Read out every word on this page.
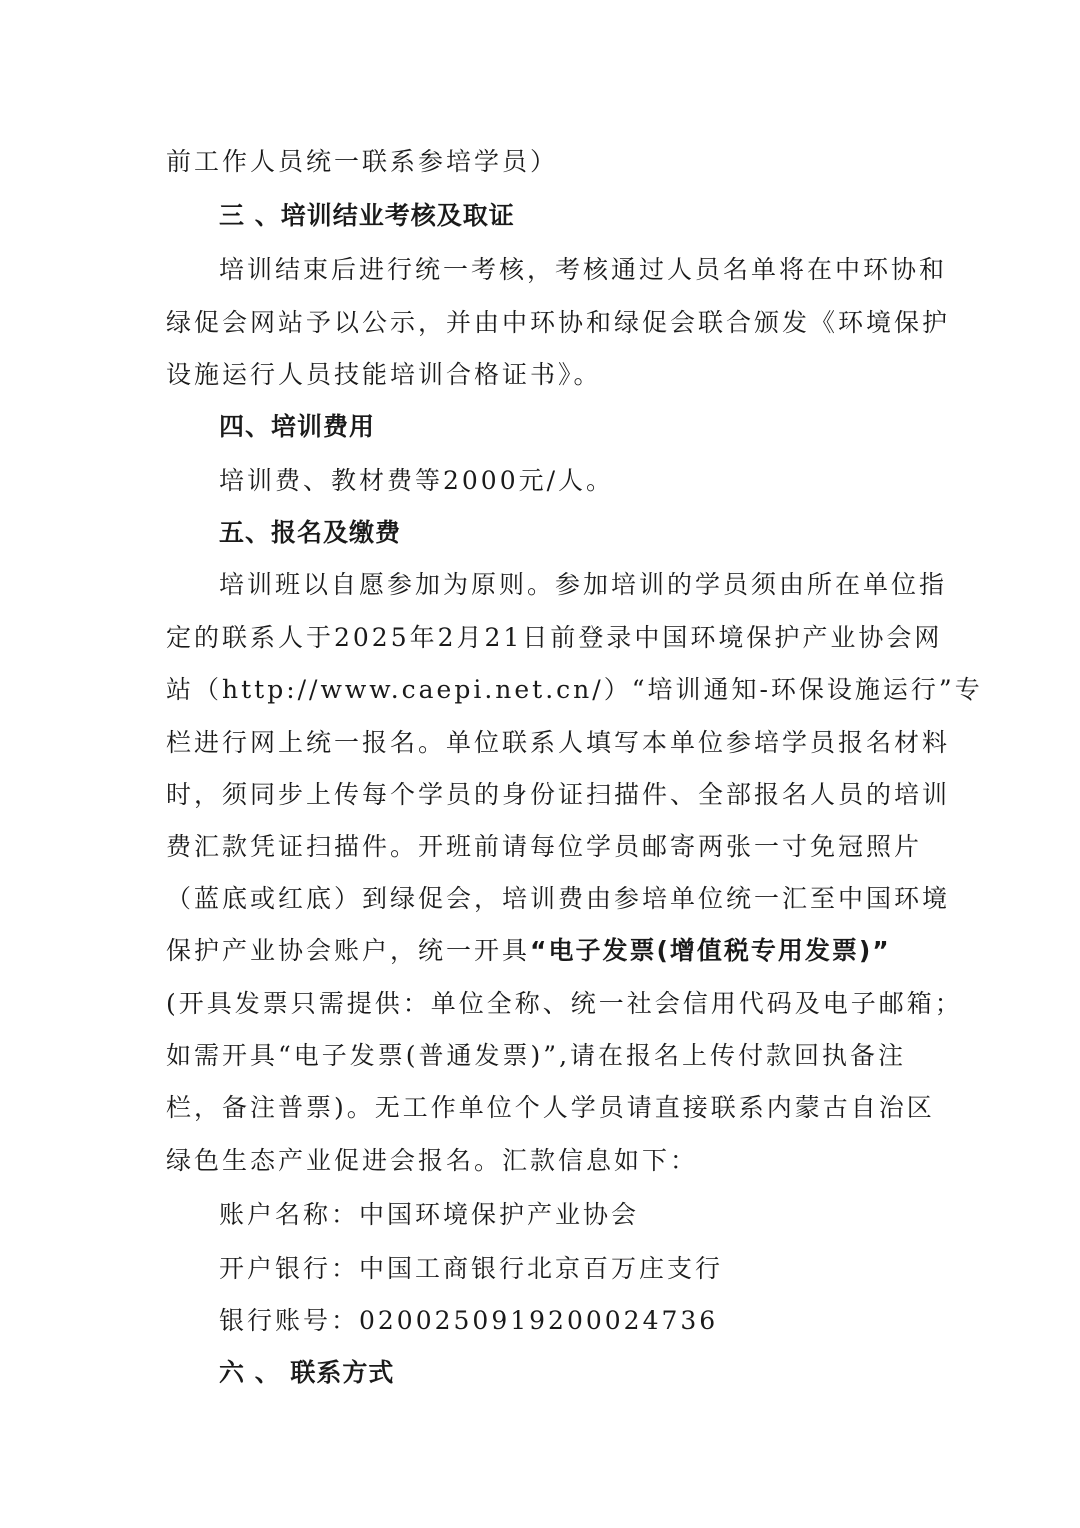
前工作人员统一联系参培学员）
三 、培训结业考核及取证
培训结束后进行统一考核，考核通过人员名单将在中环协和
绿促会网站予以公示，并由中环协和绿促会联合颁发《环境保护
设施运行人员技能培训合格证书》。
四、培训费用
培训费、教材费等2000元/人。
五、报名及缴费
培训班以自愿参加为原则。参加培训的学员须由所在单位指
定的联系人于2025年2月21日前登录中国环境保护产业协会网
站（http://www.caepi.net.cn/）“培训通知-环保设施运行”专
栏进行网上统一报名。单位联系人填写本单位参培学员报名材料
时，须同步上传每个学员的身份证扫描件、全部报名人员的培训
费汇款凭证扫描件。开班前请每位学员邮寄两张一寸免冠照片
（蓝底或红底）到绿促会，培训费由参培单位统一汇至中国环境
保护产业协会账户，统一开具“电子发票(增值税专用发票)”
(开具发票只需提供：单位全称、统一社会信用代码及电子邮箱；
如需开具“电子发票(普通发票)”,请在报名上传付款回执备注
栏，备注普票)。无工作单位个人学员请直接联系内蒙古自治区
绿色生态产业促进会报名。汇款信息如下：
账户名称：中国环境保护产业协会
开户银行：中国工商银行北京百万庄支行
银行账号：0200250919200024736
六 、 联系方式
